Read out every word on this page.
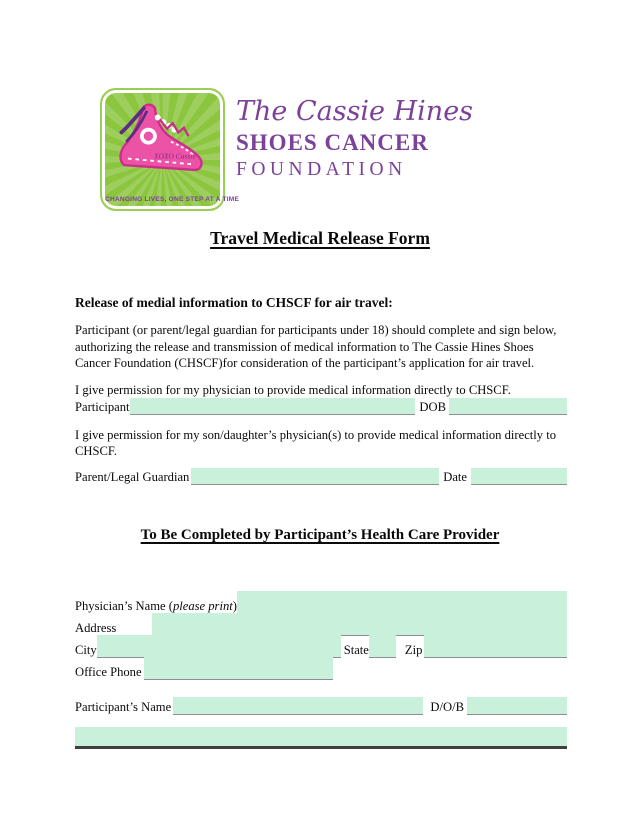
XOXO Cassie
CHANGING LIVES, ONE STEP AT A TIME
The Cassie Hines
SHOES CANCER
FOUNDATION
Travel Medical Release Form
Release of medial information to CHSCF for air travel:
Participant (or parent/legal guardian for participants under 18) should complete and sign below,
authorizing the release and transmission of medical information to The Cassie Hines Shoes
Cancer Foundation (CHSCF)for consideration of the participant’s application for air travel.
I give permission for my physician to provide medical information directly to CHSCF.
Participant	DOB
I give permission for my son/daughter’s physician(s) to provide medical information directly to
CHSCF.
Parent/Legal Guardian	Date
To Be Completed by Participant’s Health Care Provider
Physician’s Name ( please print )
Address
City	State	Zip
Office Phone
Participant’s Name	D/O/B
